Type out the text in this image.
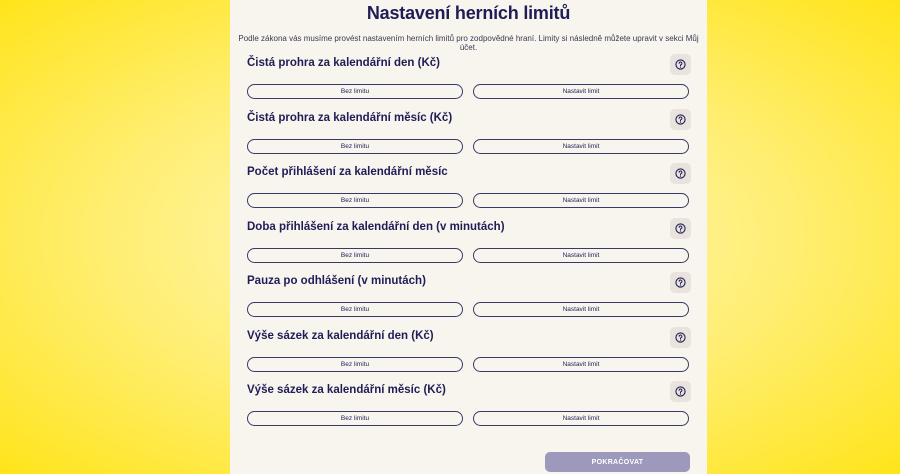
Nastavení herních limitů
Podle zákona vás musíme provést nastavením herních limitů pro zodpovědné hraní. Limity si následně můžete upravit v sekci Můj účet.
Čistá prohra za kalendářní den (Kč)
Bez limitu	Nastavit limit
Čistá prohra za kalendářní měsíc (Kč)
Bez limitu	Nastavit limit
Počet přihlášení za kalendářní měsíc
Bez limitu	Nastavit limit
Doba přihlášení za kalendářní den (v minutách)
Bez limitu	Nastavit limit
Pauza po odhlášení (v minutách)
Bez limitu	Nastavit limit
Výše sázek za kalendářní den (Kč)
Bez limitu	Nastavit limit
Výše sázek za kalendářní měsíc (Kč)
Bez limitu	Nastavit limit
POKRAČOVAT
